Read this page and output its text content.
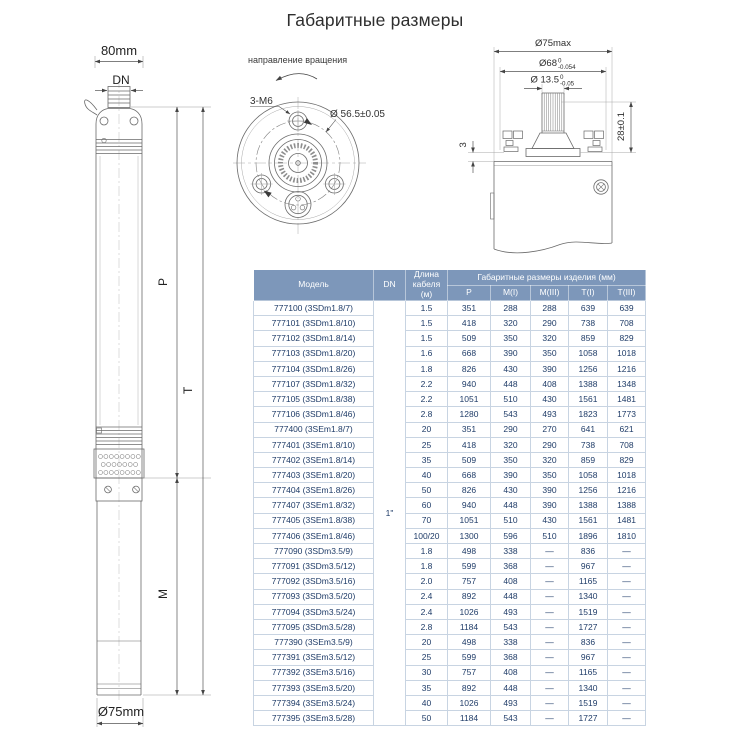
Габаритные размеры
80mm
DN
Ø75mm
P
T
M
направление вращения
3-М6
Ø 56.5±0.05
Ø75max
Ø68 0
-0.054
Ø 13.5 0
-0.05
3
28±0.1
Модель	DN	Длина кабеля (м)	Габаритные размеры изделия (мм)				
			P	M(I)	M(III)	T(I)	T(III)
777100 (3SDm1.8/7)	1"	1.5	351	288	288	639	639
777101 (3SDm1.8/10)		1.5	418	320	290	738	708
777102 (3SDm1.8/14)		1.5	509	350	320	859	829
777103 (3SDm1.8/20)		1.6	668	390	350	1058	1018
777104 (3SDm1.8/26)		1.8	826	430	390	1256	1216
777107 (3SDm1.8/32)		2.2	940	448	408	1388	1348
777105 (3SDm1.8/38)		2.2	1051	510	430	1561	1481
777106 (3SDm1.8/46)		2.8	1280	543	493	1823	1773
777400 (3SEm1.8/7)		20	351	290	270	641	621
777401 (3SEm1.8/10)		25	418	320	290	738	708
777402 (3SEm1.8/14)		35	509	350	320	859	829
777403 (3SEm1.8/20)		40	668	390	350	1058	1018
777404 (3SEm1.8/26)		50	826	430	390	1256	1216
777407 (3SEm1.8/32)		60	940	448	390	1388	1388
777405 (3SEm1.8/38)		70	1051	510	430	1561	1481
777406 (3SEm1.8/46)		100/20	1300	596	510	1896	1810
777090 (3SDm3.5/9)		1.8	498	338	—	836	—
777091 (3SDm3.5/12)		1.8	599	368	—	967	—
777092 (3SDm3.5/16)		2.0	757	408	—	1165	—
777093 (3SDm3.5/20)		2.4	892	448	—	1340	—
777094 (3SDm3.5/24)		2.4	1026	493	—	1519	—
777095 (3SDm3.5/28)		2.8	1184	543	—	1727	—
777390 (3SEm3.5/9)		20	498	338	—	836	—
777391 (3SEm3.5/12)		25	599	368	—	967	—
777392 (3SEm3.5/16)		30	757	408	—	1165	—
777393 (3SEm3.5/20)		35	892	448	—	1340	—
777394 (3SEm3.5/24)		40	1026	493	—	1519	—
777395 (3SEm3.5/28)		50	1184	543	—	1727	—
